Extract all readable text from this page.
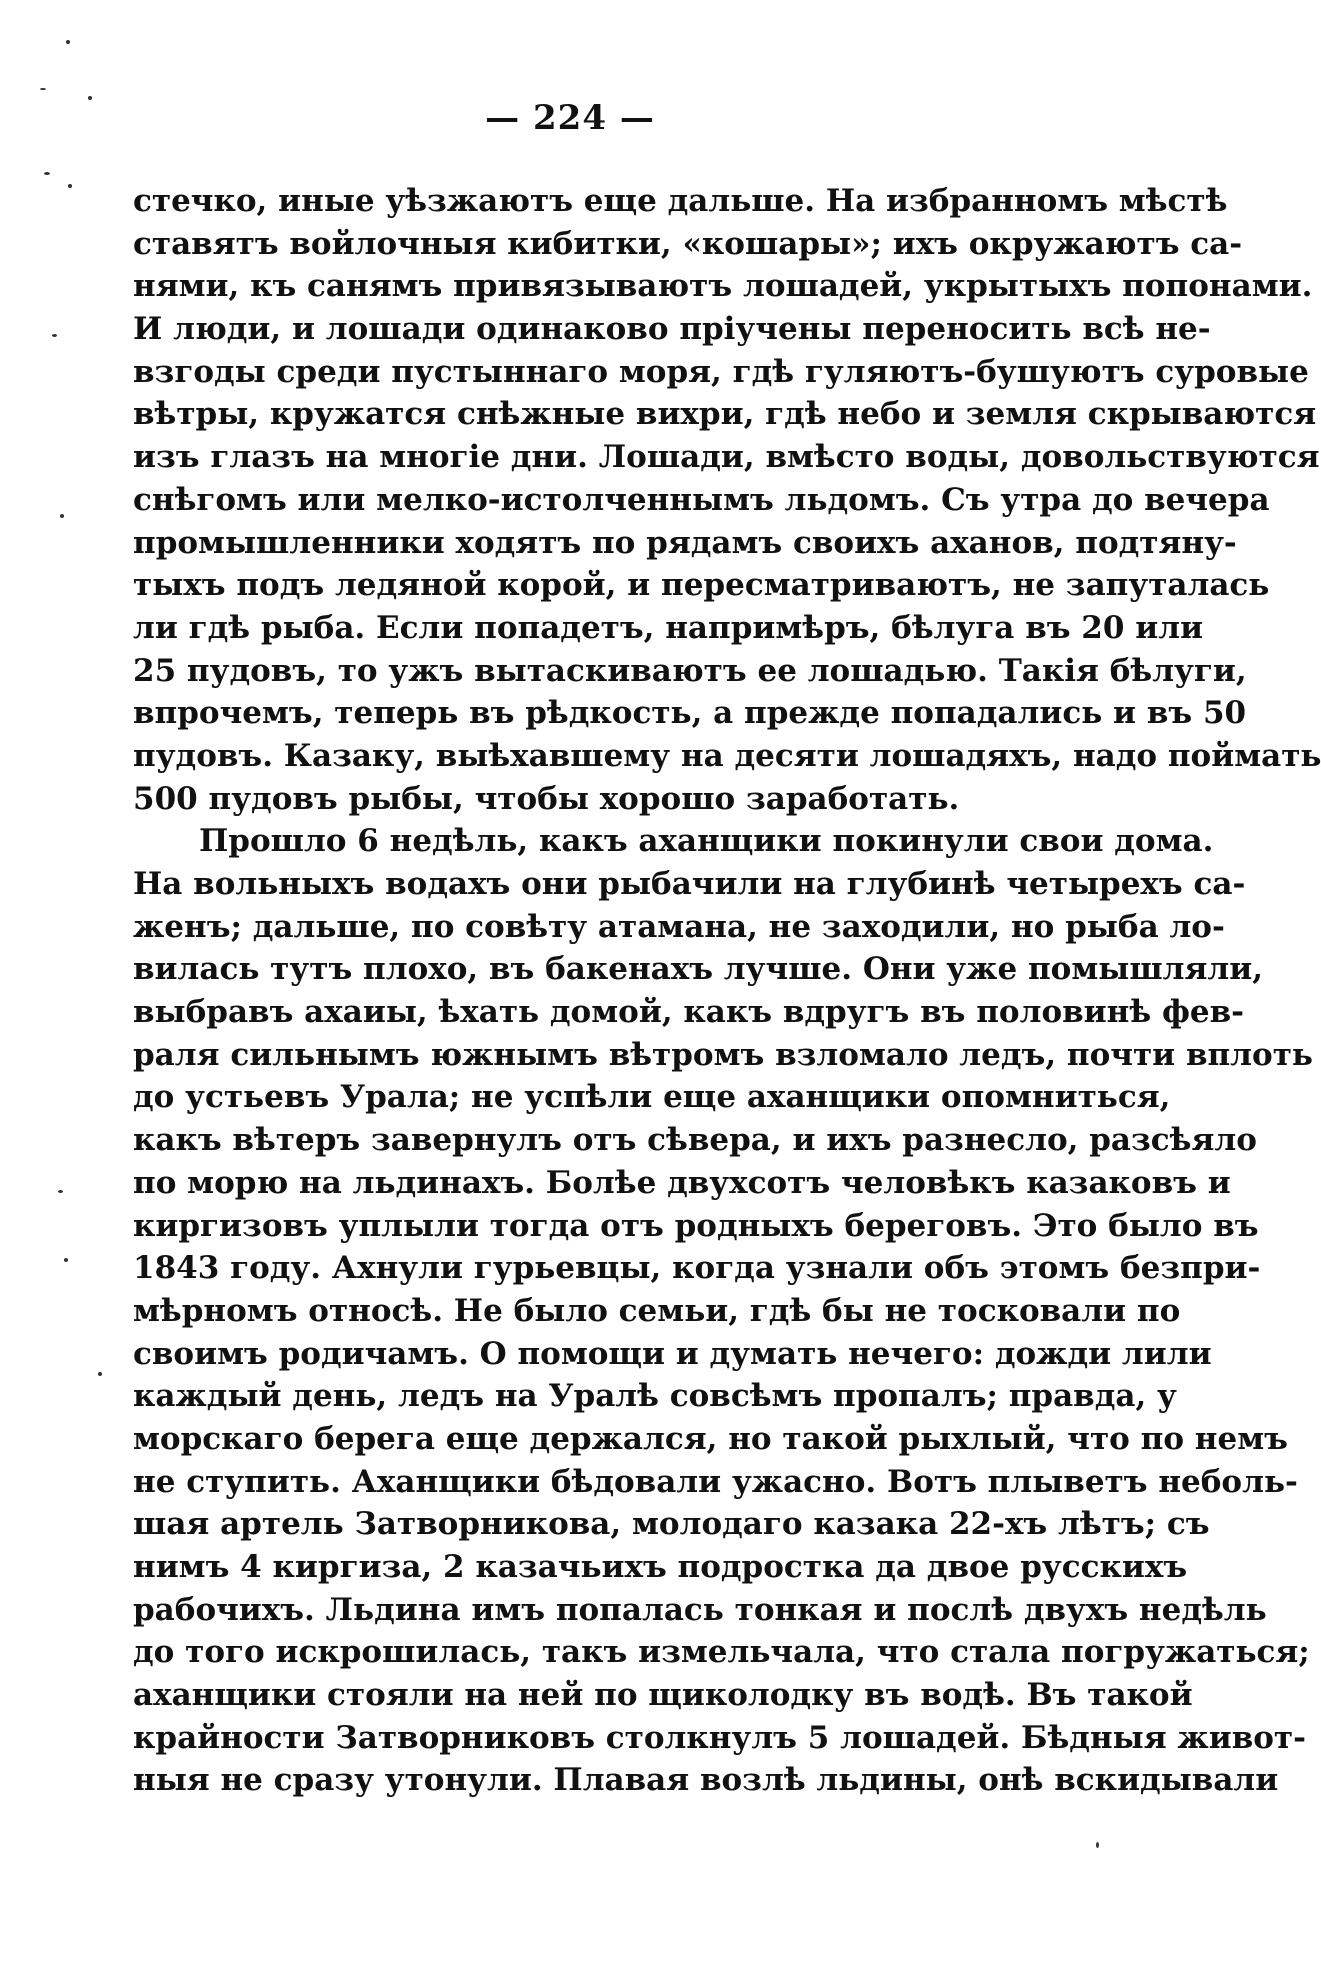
— 224 —
стечко, иные уѣзжаютъ еще дальше. На избранномъ мѣстѣ
ставятъ войлочныя кибитки, «кошары»; ихъ окружаютъ са-
нями, къ санямъ привязываютъ лошадей, укрытыхъ попонами.
И люди, и лошади одинаково пріучены переносить всѣ не-
взгоды среди пустыннаго моря, гдѣ гуляютъ-бушуютъ суровые
вѣтры, кружатся снѣжные вихри, гдѣ небо и земля скрываются
изъ глазъ на многіе дни. Лошади, вмѣсто воды, довольствуются
снѣгомъ или мелко-истолченнымъ льдомъ. Съ утра до вечера
промышленники ходятъ по рядамъ своихъ аханов, подтяну-
тыхъ подъ ледяной корой, и пересматриваютъ, не запуталась
ли гдѣ рыба. Если попадетъ, напримѣръ, бѣлуга въ 20 или
25 пудовъ, то ужъ вытаскиваютъ ее лошадью. Такія бѣлуги,
впрочемъ, теперь въ рѣдкость, а прежде попадались и въ 50
пудовъ. Казаку, выѣхавшему на десяти лошадяхъ, надо поймать
500 пудовъ рыбы, чтобы хорошо заработать.
Прошло 6 недѣль, какъ аханщики покинули свои дома.
На вольныхъ водахъ они рыбачили на глубинѣ четырехъ са-
женъ; дальше, по совѣту атамана, не заходили, но рыба ло-
вилась тутъ плохо, въ бакенахъ лучше. Они уже помышляли,
выбравъ ахаиы, ѣхать домой, какъ вдругъ въ половинѣ фев-
раля сильнымъ южнымъ вѣтромъ взломало ледъ, почти вплоть
до устьевъ Урала; не успѣли еще аханщики опомниться,
какъ вѣтеръ завернулъ отъ сѣвера, и ихъ разнесло, разсѣяло
по морю на льдинахъ. Болѣе двухсотъ человѣкъ казаковъ и
киргизовъ уплыли тогда отъ родныхъ береговъ. Это было въ
1843 году. Ахнули гурьевцы, когда узнали объ этомъ безпри-
мѣрномъ относѣ. Не было семьи, гдѣ бы не тосковали по
своимъ родичамъ. О помощи и думать нечего: дожди лили
каждый день, ледъ на Уралѣ совсѣмъ пропалъ; правда, у
морскаго берега еще держался, но такой рыхлый, что по немъ
не ступить. Аханщики бѣдовали ужасно. Вотъ плыветъ неболь-
шая артель Затворникова, молодаго казака 22-хъ лѣтъ; съ
нимъ 4 киргиза, 2 казачьихъ подростка да двое русскихъ
рабочихъ. Льдина имъ попалась тонкая и послѣ двухъ недѣль
до того искрошилась, такъ измельчала, что стала погружаться;
аханщики стояли на ней по щиколодку въ водѣ. Въ такой
крайности Затворниковъ столкнулъ 5 лошадей. Бѣдныя живот-
ныя не сразу утонули. Плавая возлѣ льдины, онѣ вскидывали
